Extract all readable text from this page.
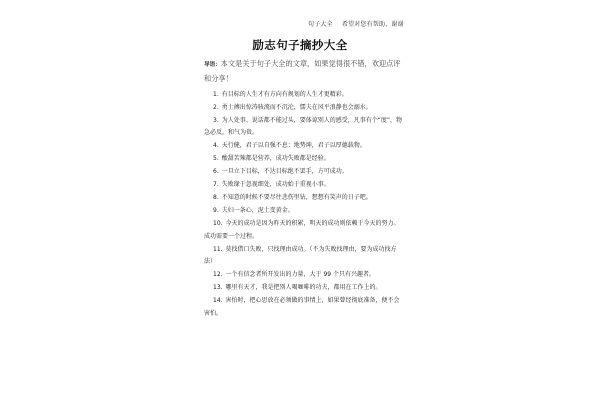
句子大全 希望对您有帮助，谢谢
励志句子摘抄大全
导语：本文是关于句子大全的文章，如果觉得很不错，欢迎点评和分享！
1. 有目标的人生才有方向有规划的人生才更精彩。
2. 勇士搏出惊涛骇流而不沉沦，懦夫在风平浪静也会溺水。
3. 为人处事、说话都不能过头，要体谅别人的感受，凡事有个“度”，物急必反，和气为贵。
4. 天行健，君子以自强不息；地势坤，君子以厚德载物。
5. 酸甜苦辣都是营养，成功失败都是经验。
6. 一旦立下目标，不达目标绝不罢手，方可成功。
7. 失败缘于忽视细处，成功始于重视小事。
8. 不知意的时候不要尽往悲伤里钻，想想有笑声的日子吧。
9. 夫妇一条心，泥土变黄金。
10. 今天的成功是因为昨天的积累，明天的成功则依赖于今天的努力。成功需要一个过程。
11. 莫找借口失败，只找理由成功。（不为失败找理由，要为成功找方法）
12. 一个有信念者所开发出的力量，大于 99 个只有兴趣者。
13. 哪里有天才，我是把别人喝咖啡的功夫，都用在工作上的。
14. 害怕时，把心思放在必须做的事情上，如果曾经彻底准备，便不会害怕。
